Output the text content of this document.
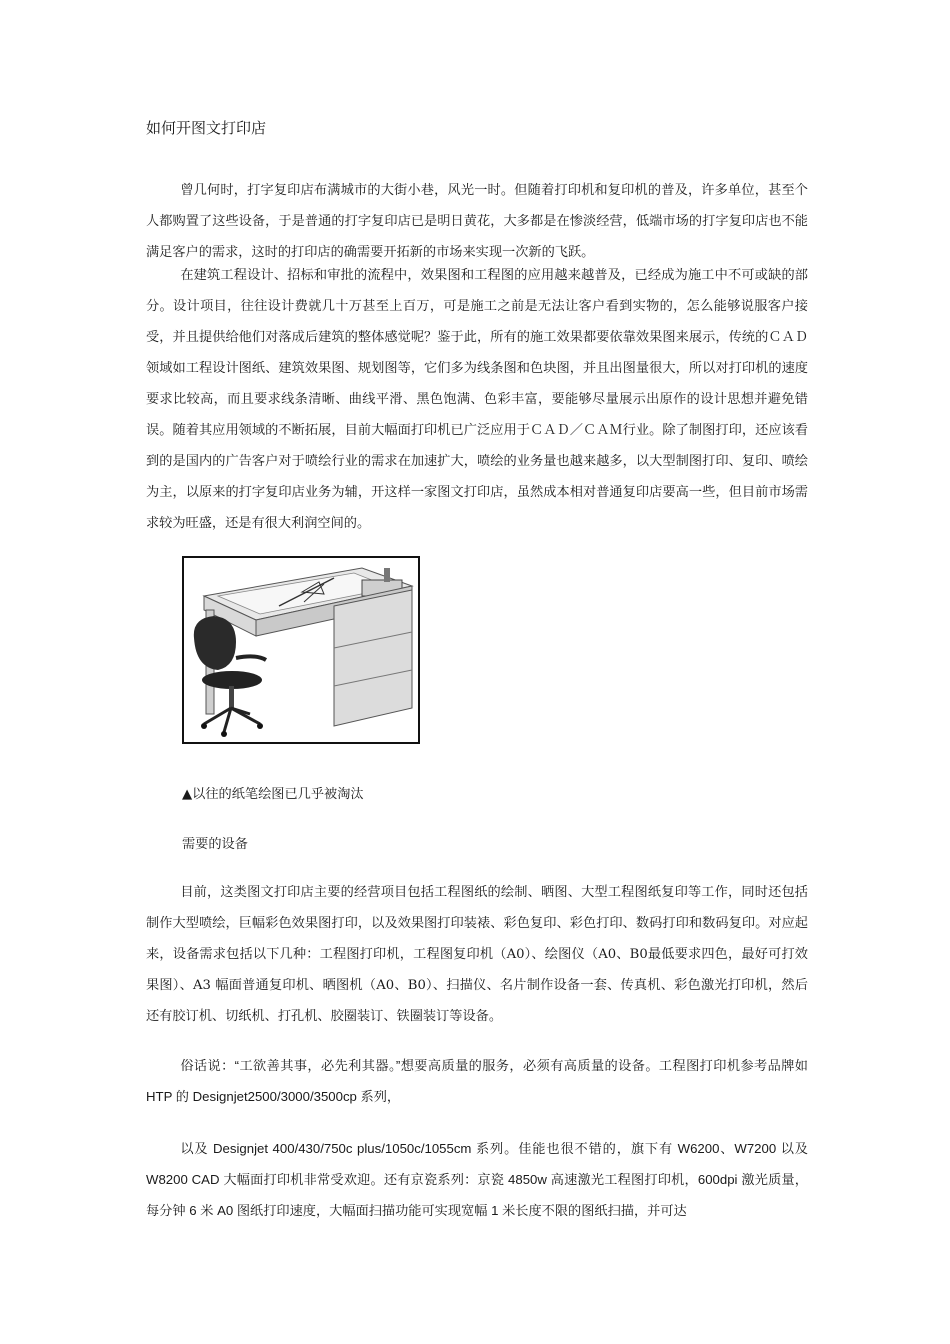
如何开图文打印店

曾几何时，打字复印店布满城市的大街小巷，风光一时。但随着打印机和复印机的普及，许多单位，甚至个人都购置了这些设备，于是普通的打字复印店已是明日黄花，大多都是在惨淡经营，低端市场的打字复印店也不能满足客户的需求，这时的打印店的确需要开拓新的市场来实现一次新的飞跃。

在建筑工程设计、招标和审批的流程中，效果图和工程图的应用越来越普及，已经成为施工中不可或缺的部分。设计项目，往往设计费就几十万甚至上百万，可是施工之前是无法让客户看到实物的，怎么能够说服客户接受，并且提供给他们对落成后建筑的整体感觉呢？鉴于此，所有的施工效果都要依靠效果图来展示，传统的ＣＡＤ领域如工程设计图纸、建筑效果图、规划图等，它们多为线条图和色块图，并且出图量很大，所以对打印机的速度要求比较高，而且要求线条清晰、曲线平滑、黑色饱满、色彩丰富，要能够尽量展示出原作的设计思想并避免错误。随着其应用领域的不断拓展，目前大幅面打印机已广泛应用于ＣＡＤ／ＣＡＭ行业。除了制图打印，还应该看到的是国内的广告客户对于喷绘行业的需求在加速扩大，喷绘的业务量也越来越多，以大型制图打印、复印、喷绘为主，以原来的打字复印店业务为辅，开这样一家图文打印店，虽然成本相对普通复印店要高一些，但目前市场需求较为旺盛，还是有很大利润空间的。

▲以往的纸笔绘图已几乎被淘汰
需要的设备

目前，这类图文打印店主要的经营项目包括工程图纸的绘制、晒图、大型工程图纸复印等工作，同时还包括制作大型喷绘，巨幅彩色效果图打印，以及效果图打印装裱、彩色复印、彩色打印、数码打印和数码复印。对应起来，设备需求包括以下几种：工程图打印机，工程图复印机（A0）、绘图仪（A0、B0最低要求四色，最好可打效果图）、A3 幅面普通复印机、晒图机（A0、B0）、扫描仪、名片制作设备一套、传真机、彩色激光打印机，然后还有胶订机、切纸机、打孔机、胶圈装订、铁圈装订等设备。

俗话说：“工欲善其事，必先利其器。”想要高质量的服务，必须有高质量的设备。工程图打印机参考品牌如 HTP 的 Designjet2500/3000/3500cp 系列，

以及 Designjet 400/430/750c plus/1050c/1055cm 系列。佳能也很不错的，旗下有 W6200、W7200 以及 W8200 CAD 大幅面打印机非常受欢迎。还有京瓷系列：京瓷 4850w 高速激光工程图打印机，600dpi 激光质量，每分钟 6 米 A0 图纸打印速度，大幅面扫描功能可实现宽幅 1 米长度不限的图纸扫描，并可达
